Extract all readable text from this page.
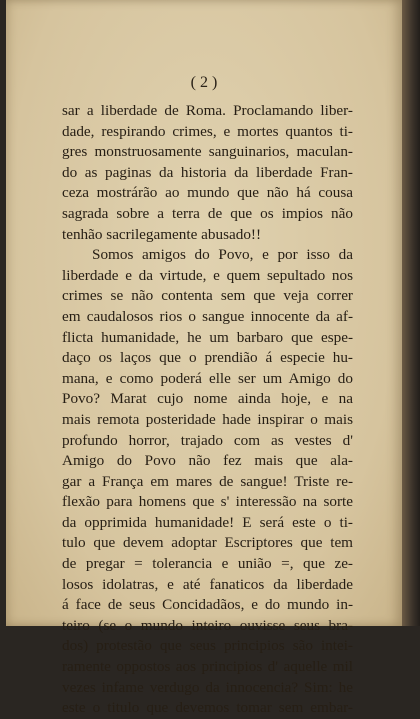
( 2 )
sar a liberdade de Roma. Proclamando liber-
dade, respirando crimes, e mortes quantos ti-
gres monstruosamente sanguinarios, maculan-
do as paginas da historia da liberdade Fran-
ceza mostrárão ao mundo que não há cousa
sagrada sobre a terra de que os impios não
tenhão sacrilegamente abusado!!
Somos amigos do Povo, e por isso da
liberdade e da virtude, e quem sepultado nos
crimes se não contenta sem que veja correr
em caudalosos rios o sangue innocente da af-
flicta humanidade, he um barbaro que espe-
daço os laços que o prendião á especie hu-
mana, e como poderá elle ser um Amigo do
Povo? Marat cujo nome ainda hoje, e na
mais remota posteridade hade inspirar o mais
profundo horror, trajado com as vestes d'
Amigo do Povo não fez mais que ala-
gar a França em mares de sangue! Triste re-
flexão para homens que s' interessão na sorte
da opprimida humanidade! E será este o ti-
tulo que devem adoptar Escriptores que tem
de pregar = tolerancia e união =, que ze-
losos idolatras, e até fanaticos da liberdade
á face de seus Concidadãos, e do mundo in-
teiro (se o mundo inteiro ouvisse seus bra-
dos) protestão que seus principios são intei-
ramente oppostos aos principios d' aquelle mil
vezes infame verdugo da innocencia? Sim: he
este o titulo que devemos tomar sem embar-
